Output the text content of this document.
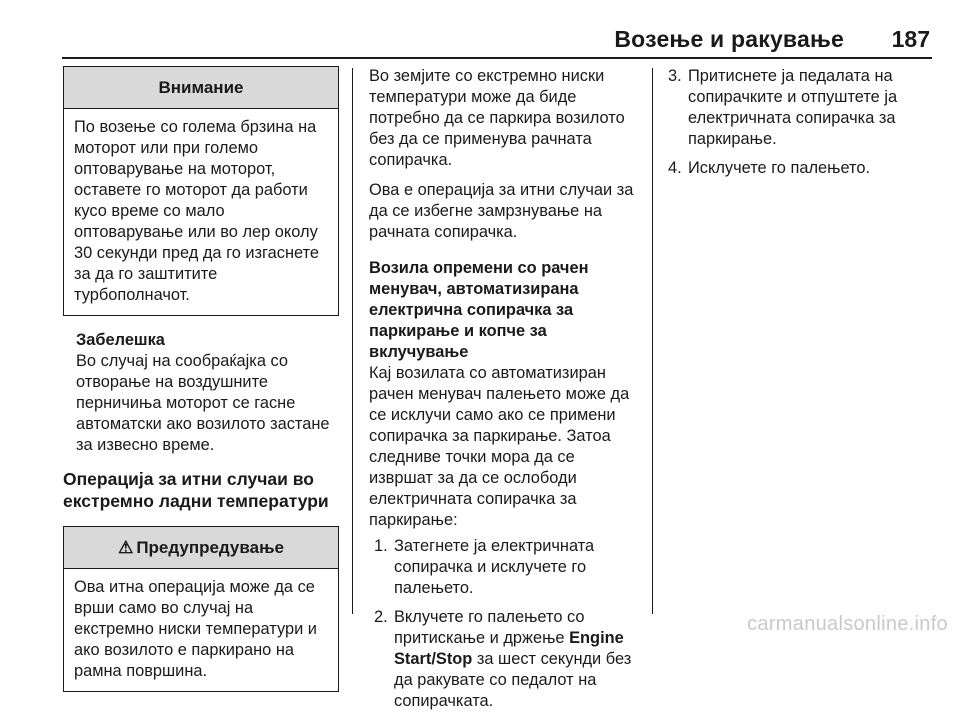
Возење и ракување 187
Внимание
По возење со голема брзина на моторот или при големо оптоварување на моторот, оставете го моторот да работи кусо време со мало оптоварување или во лер околу 30 секунди пред да го изгаснете за да го заштитите турбополначот.
Забелешка
Во случај на сообраќајка со отворање на воздушните перничиња моторот се гасне автоматски ако возилото застане за извесно време.
Операција за итни случаи во екстремно ладни температури
⚠ Предупредување
Ова итна операција може да се врши само во случај на екстремно ниски температури и ако возилото е паркирано на рамна површина.
Во земјите со екстремно ниски температури може да биде потребно да се паркира возилото без да се применува рачната сопирачка.
Ова е операција за итни случаи за да се избегне замрзнување на рачната сопирачка.
Возила опремени со рачен менувач, автоматизирана електрична сопирачка за паркирање и копче за вклучување
Кај возилата со автоматизиран рачен менувач палењето може да се исклучи само ако се примени сопирачка за паркирање. Затоа следниве точки мора да се извршат за да се ослободи електричната сопирачка за паркирање:
1. Затегнете ја електричната сопирачка и исклучете го палењето.
2. Вклучете го палењето со притискање и држење Engine Start/Stop за шест секунди без да ракувате со педалот на сопирачката.
3. Притиснете ја педалата на сопирачките и отпуштете ја електричната сопирачка за паркирање.
4. Исклучете го палењето.
carmanualsonline.info
